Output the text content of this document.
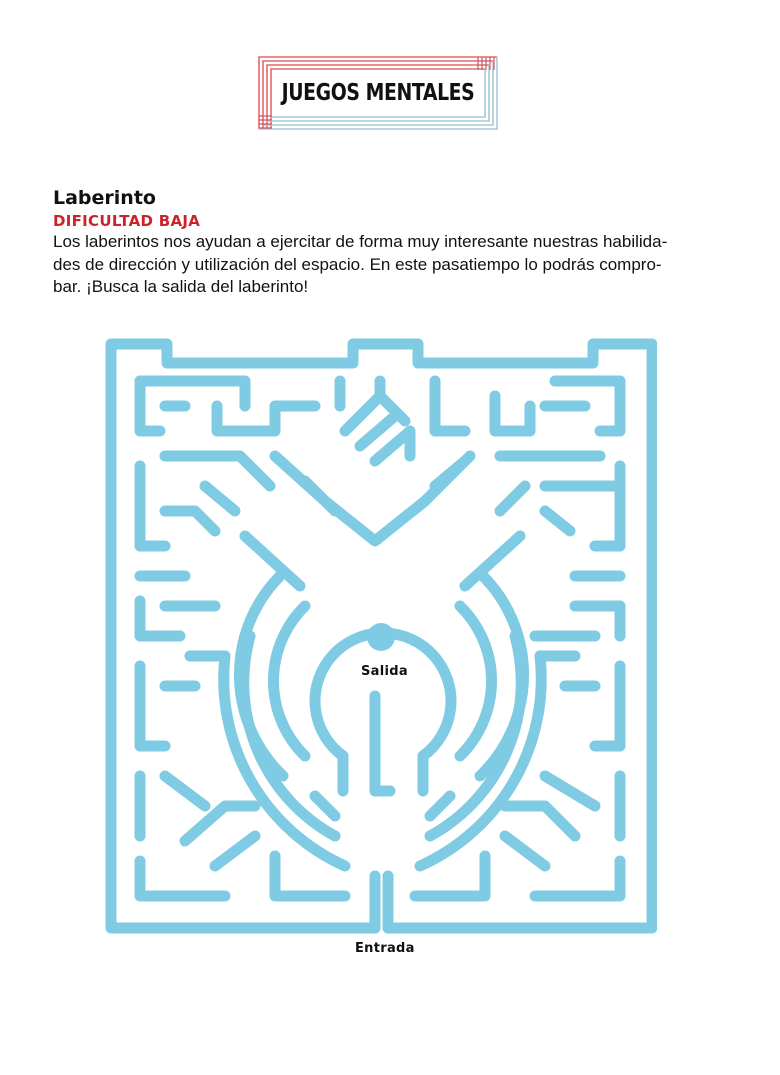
JUEGOS MENTALES
Laberinto
DIFICULTAD BAJA

Los laberintos nos ayudan a ejercitar de forma muy interesante nuestras habilida-
des de dirección y utilización del espacio. En este pasatiempo lo podrás compro-
bar. ¡Busca la salida del laberinto!

Salida
Entrada
